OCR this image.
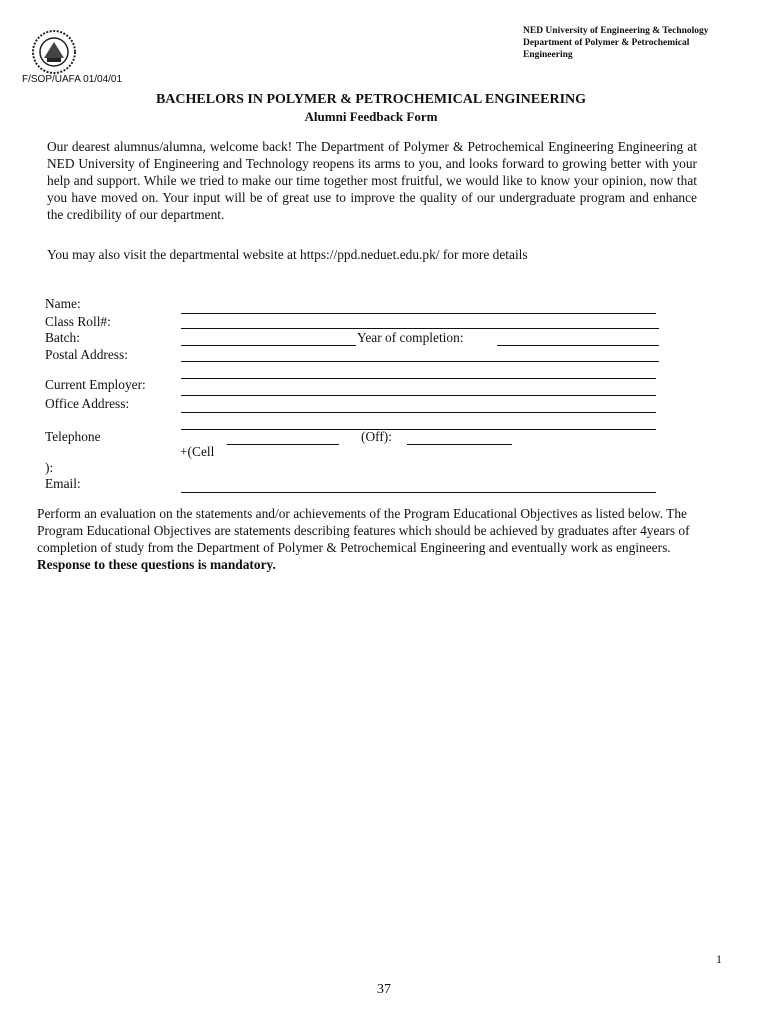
F/SOP/UAFA 01/04/01
NED University of Engineering & Technology
Department of Polymer & Petrochemical
Engineering
BACHELORS IN POLYMER & PETROCHEMICAL ENGINEERING
Alumni Feedback Form
Our dearest alumnus/alumna, welcome back! The Department of Polymer & Petrochemical Engineering Engineering at NED University of Engineering and Technology reopens its arms to you, and looks forward to growing better with your help and support. While we tried to make our time together most fruitful, we would like to know your opinion, now that you have moved on. Your input will be of great use to improve the quality of our undergraduate program and enhance the credibility of our department.
You may also visit the departmental website at https://ppd.neduet.edu.pk/ for more details
Name:
Class Roll#:
Batch:	Year of completion:
Postal Address:
Current Employer:
Office Address:
Telephone	(Off):
+(Cell
):
Email:
Perform an evaluation on the statements and/or achievements of the Program Educational Objectives as listed below. The Program Educational Objectives are statements describing features which should be achieved by graduates after 4years of completion of study from the Department of Polymer & Petrochemical Engineering and eventually work as engineers. Response to these questions is mandatory.
1
37
